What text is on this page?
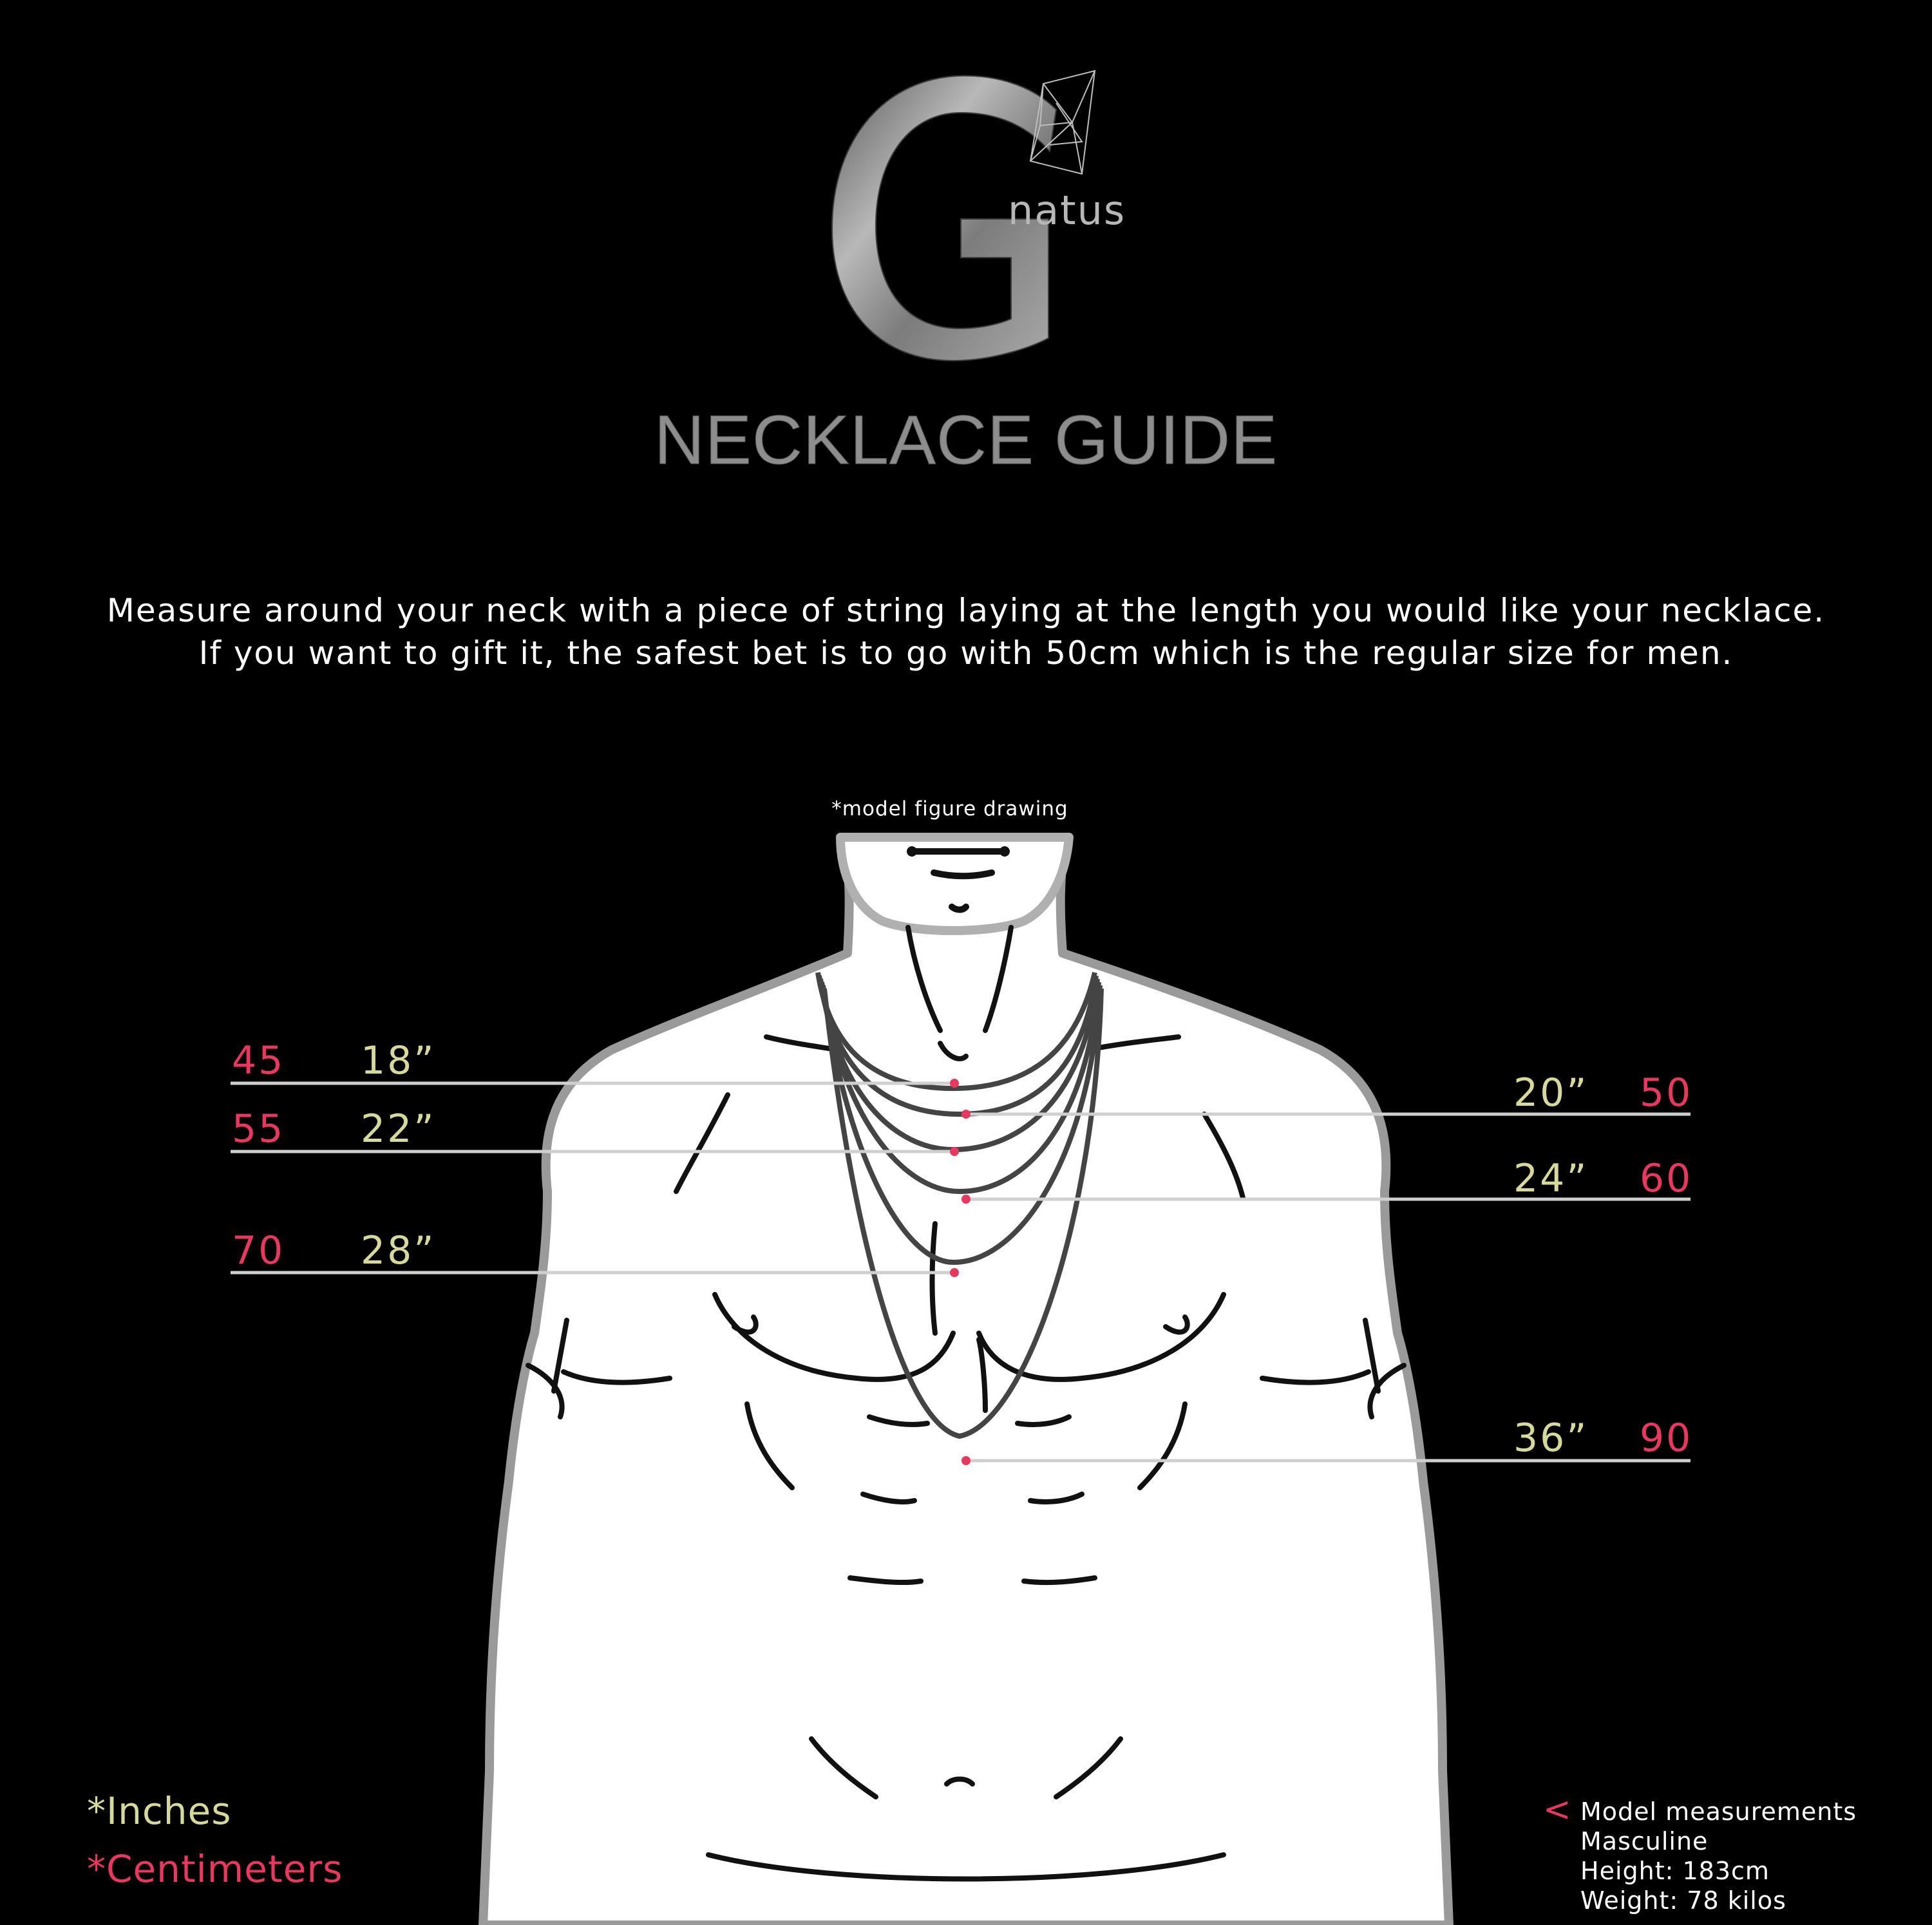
natus
NECKLACE GUIDE
Measure around your neck with a piece of string laying at the length you would like your necklace.
If you want to gift it, the safest bet is to go with 50cm which is the regular size for men.
*model figure drawing
45 18”
20” 50
55 22”
24” 60
70 28”
36” 90
*Inches
*Centimeters
< Model measurements
Masculine
Height: 183cm
Weight: 78 kilos
